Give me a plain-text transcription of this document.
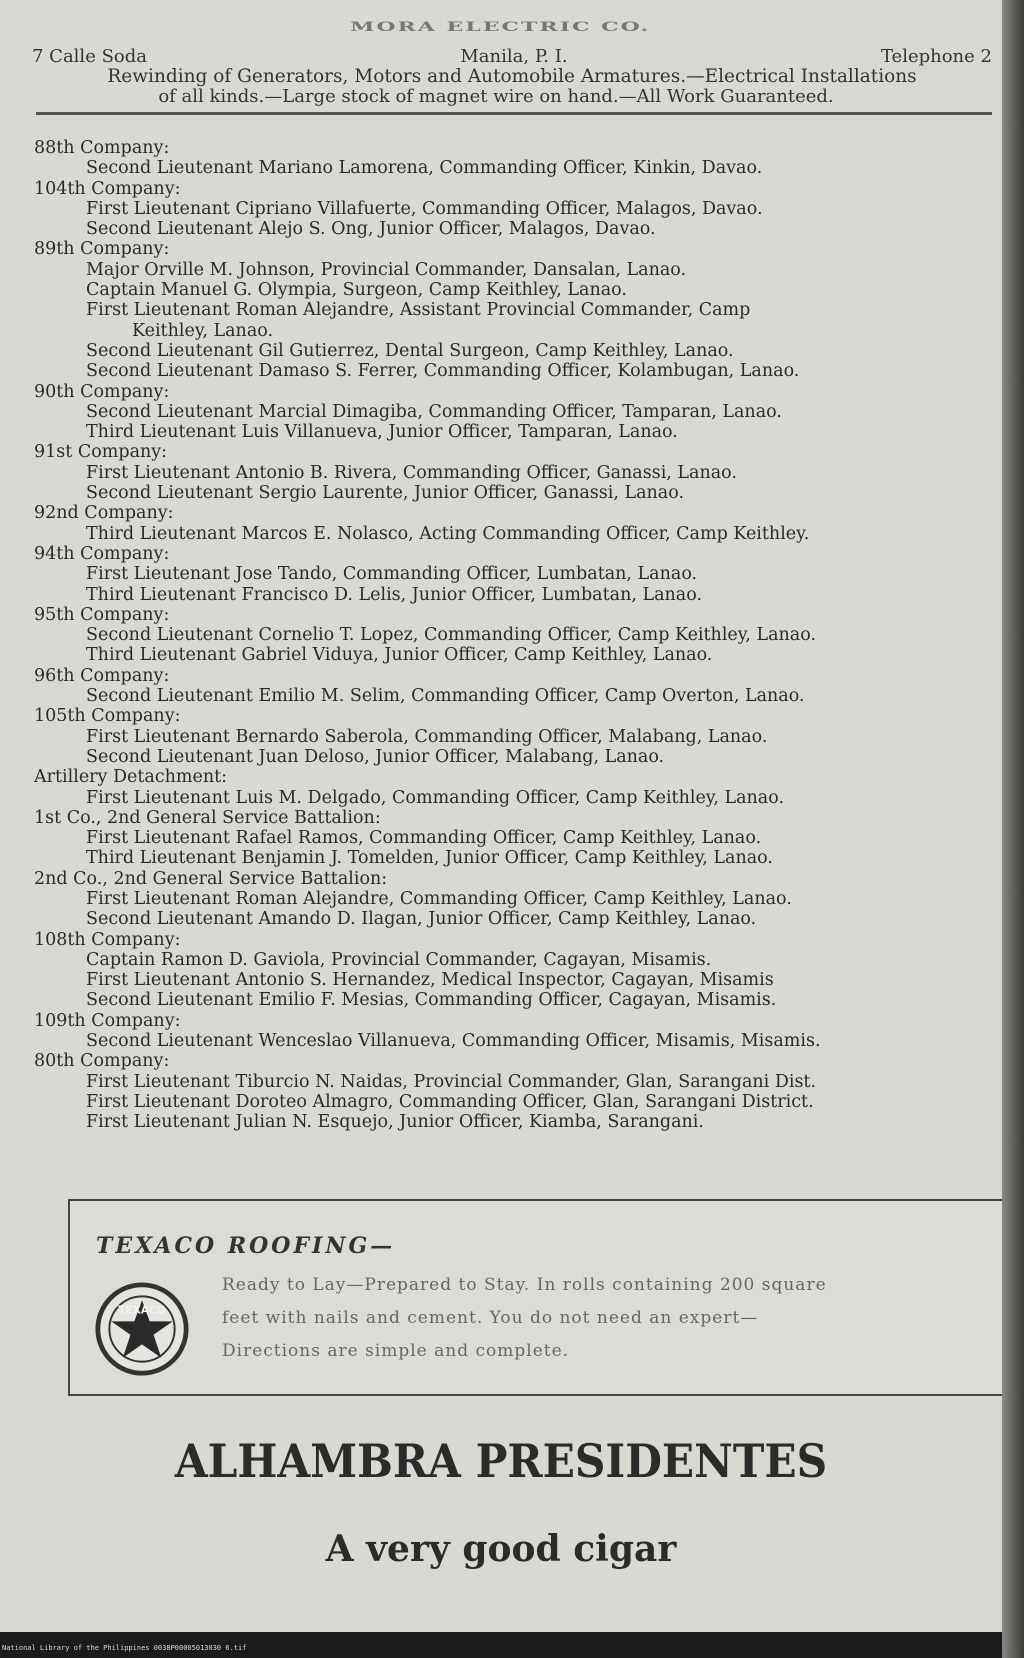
MORA ELECTRIC CO.
7 Calle Soda	Manila, P. I.	Telephone 2
Rewinding of Generators, Motors and Automobile Armatures.—Electrical Installations
of all kinds.—Large stock of magnet wire on hand.—All Work Guaranteed.
88th Company:
Second Lieutenant Mariano Lamorena, Commanding Officer, Kinkin, Davao.
104th Company:
First Lieutenant Cipriano Villafuerte, Commanding Officer, Malagos, Davao.
Second Lieutenant Alejo S. Ong, Junior Officer, Malagos, Davao.
89th Company:
Major Orville M. Johnson, Provincial Commander, Dansalan, Lanao.
Captain Manuel G. Olympia, Surgeon, Camp Keithley, Lanao.
First Lieutenant Roman Alejandre, Assistant Provincial Commander, Camp
Keithley, Lanao.
Second Lieutenant Gil Gutierrez, Dental Surgeon, Camp Keithley, Lanao.
Second Lieutenant Damaso S. Ferrer, Commanding Officer, Kolambugan, Lanao.
90th Company:
Second Lieutenant Marcial Dimagiba, Commanding Officer, Tamparan, Lanao.
Third Lieutenant Luis Villanueva, Junior Officer, Tamparan, Lanao.
91st Company:
First Lieutenant Antonio B. Rivera, Commanding Officer, Ganassi, Lanao.
Second Lieutenant Sergio Laurente, Junior Officer, Ganassi, Lanao.
92nd Company:
Third Lieutenant Marcos E. Nolasco, Acting Commanding Officer, Camp Keithley.
94th Company:
First Lieutenant Jose Tando, Commanding Officer, Lumbatan, Lanao.
Third Lieutenant Francisco D. Lelis, Junior Officer, Lumbatan, Lanao.
95th Company:
Second Lieutenant Cornelio T. Lopez, Commanding Officer, Camp Keithley, Lanao.
Third Lieutenant Gabriel Viduya, Junior Officer, Camp Keithley, Lanao.
96th Company:
Second Lieutenant Emilio M. Selim, Commanding Officer, Camp Overton, Lanao.
105th Company:
First Lieutenant Bernardo Saberola, Commanding Officer, Malabang, Lanao.
Second Lieutenant Juan Deloso, Junior Officer, Malabang, Lanao.
Artillery Detachment:
First Lieutenant Luis M. Delgado, Commanding Officer, Camp Keithley, Lanao.
1st Co., 2nd General Service Battalion:
First Lieutenant Rafael Ramos, Commanding Officer, Camp Keithley, Lanao.
Third Lieutenant Benjamin J. Tomelden, Junior Officer, Camp Keithley, Lanao.
2nd Co., 2nd General Service Battalion:
First Lieutenant Roman Alejandre, Commanding Officer, Camp Keithley, Lanao.
Second Lieutenant Amando D. Ilagan, Junior Officer, Camp Keithley, Lanao.
108th Company:
Captain Ramon D. Gaviola, Provincial Commander, Cagayan, Misamis.
First Lieutenant Antonio S. Hernandez, Medical Inspector, Cagayan, Misamis
Second Lieutenant Emilio F. Mesias, Commanding Officer, Cagayan, Misamis.
109th Company:
Second Lieutenant Wenceslao Villanueva, Commanding Officer, Misamis, Misamis.
80th Company:
First Lieutenant Tiburcio N. Naidas, Provincial Commander, Glan, Sarangani Dist.
First Lieutenant Doroteo Almagro, Commanding Officer, Glan, Sarangani District.
First Lieutenant Julian N. Esquejo, Junior Officer, Kiamba, Sarangani.
TEXACO ROOFING—
TEXACO
Ready to Lay—Prepared to Stay. In rolls containing 200 square
feet with nails and cement. You do not need an expert—
Directions are simple and complete.
ALHAMBRA PRESIDENTES
A very good cigar
National Library of the Philippines 0038P00005013030 6.tif
